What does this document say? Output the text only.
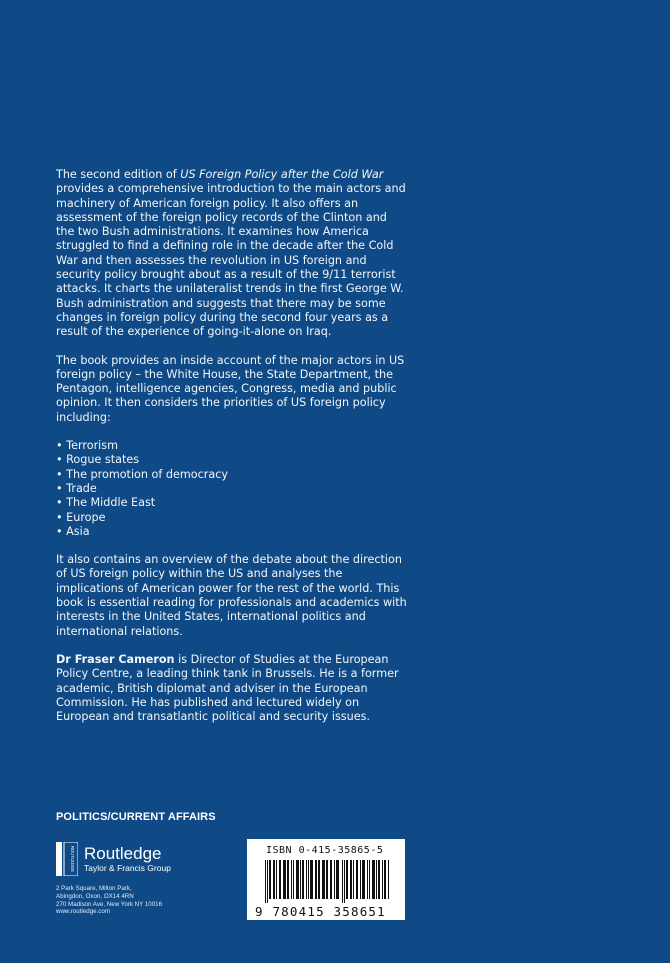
The second edition of US Foreign Policy after the Cold War provides a comprehensive introduction to the main actors and machinery of American foreign policy. It also offers an assessment of the foreign policy records of the Clinton and the two Bush administrations. It examines how America struggled to find a defining role in the decade after the Cold War and then assesses the revolution in US foreign and security policy brought about as a result of the 9/11 terrorist attacks. It charts the unilateralist trends in the first George W. Bush administration and suggests that there may be some changes in foreign policy during the second four years as a result of the experience of going-it-alone on Iraq.

The book provides an inside account of the major actors in US foreign policy – the White House, the State Department, the Pentagon, intelligence agencies, Congress, media and public opinion. It then considers the priorities of US foreign policy including:

• Terrorism
• Rogue states
• The promotion of democracy
• Trade
• The Middle East
• Europe
• Asia

It also contains an overview of the debate about the direction of US foreign policy within the US and analyses the implications of American power for the rest of the world. This book is essential reading for professionals and academics with interests in the United States, international politics and international relations.

Dr Fraser Cameron is Director of Studies at the European Policy Centre, a leading think tank in Brussels. He is a former academic, British diplomat and adviser in the European Commission. He has published and lectured widely on European and transatlantic political and security issues.

POLITICS/CURRENT AFFAIRS
ROUTLEDGE Routledge
Taylor & Francis Group
2 Park Square, Milton Park,
Abingdon, Oxon, OX14 4RN
270 Madison Ave, New York NY 10016
www.routledge.com
ISBN 0-415-35865-5
9 780415 358651
